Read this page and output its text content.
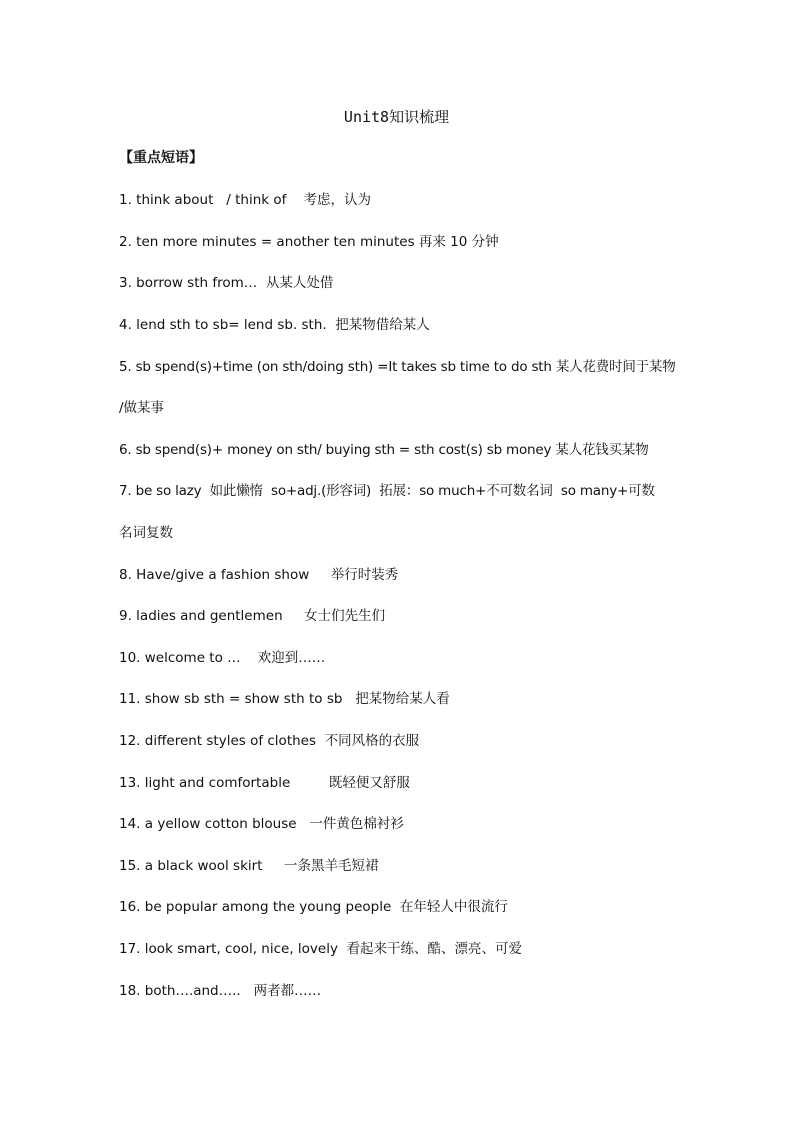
Unit8知识梳理
【重点短语】
1. think about   / think of    考虑，认为
2. ten more minutes = another ten minutes 再来 10 分钟
3. borrow sth from…  从某人处借
4. lend sth to sb= lend sb. sth.  把某物借给某人
5. sb spend(s)+time (on sth/doing sth) =It takes sb time to do sth 某人花费时间于某物
/做某事
6. sb spend(s)+ money on sth/ buying sth = sth cost(s) sb money 某人花钱买某物
7. be so lazy  如此懒惰  so+adj.(形容词)  拓展：so much+不可数名词  so many+可数
名词复数
8. Have/give a fashion show     举行时装秀
9. ladies and gentlemen     女士们先生们
10. welcome to …    欢迎到……
11. show sb sth = show sth to sb   把某物给某人看
12. different styles of clothes  不同风格的衣服
13. light and comfortable         既轻便又舒服
14. a yellow cotton blouse   一件黄色棉衬衫
15. a black wool skirt     一条黑羊毛短裙
16. be popular among the young people  在年轻人中很流行
17. look smart, cool, nice, lovely  看起来干练、酷、漂亮、可爱
18. both….and…..   两者都……
